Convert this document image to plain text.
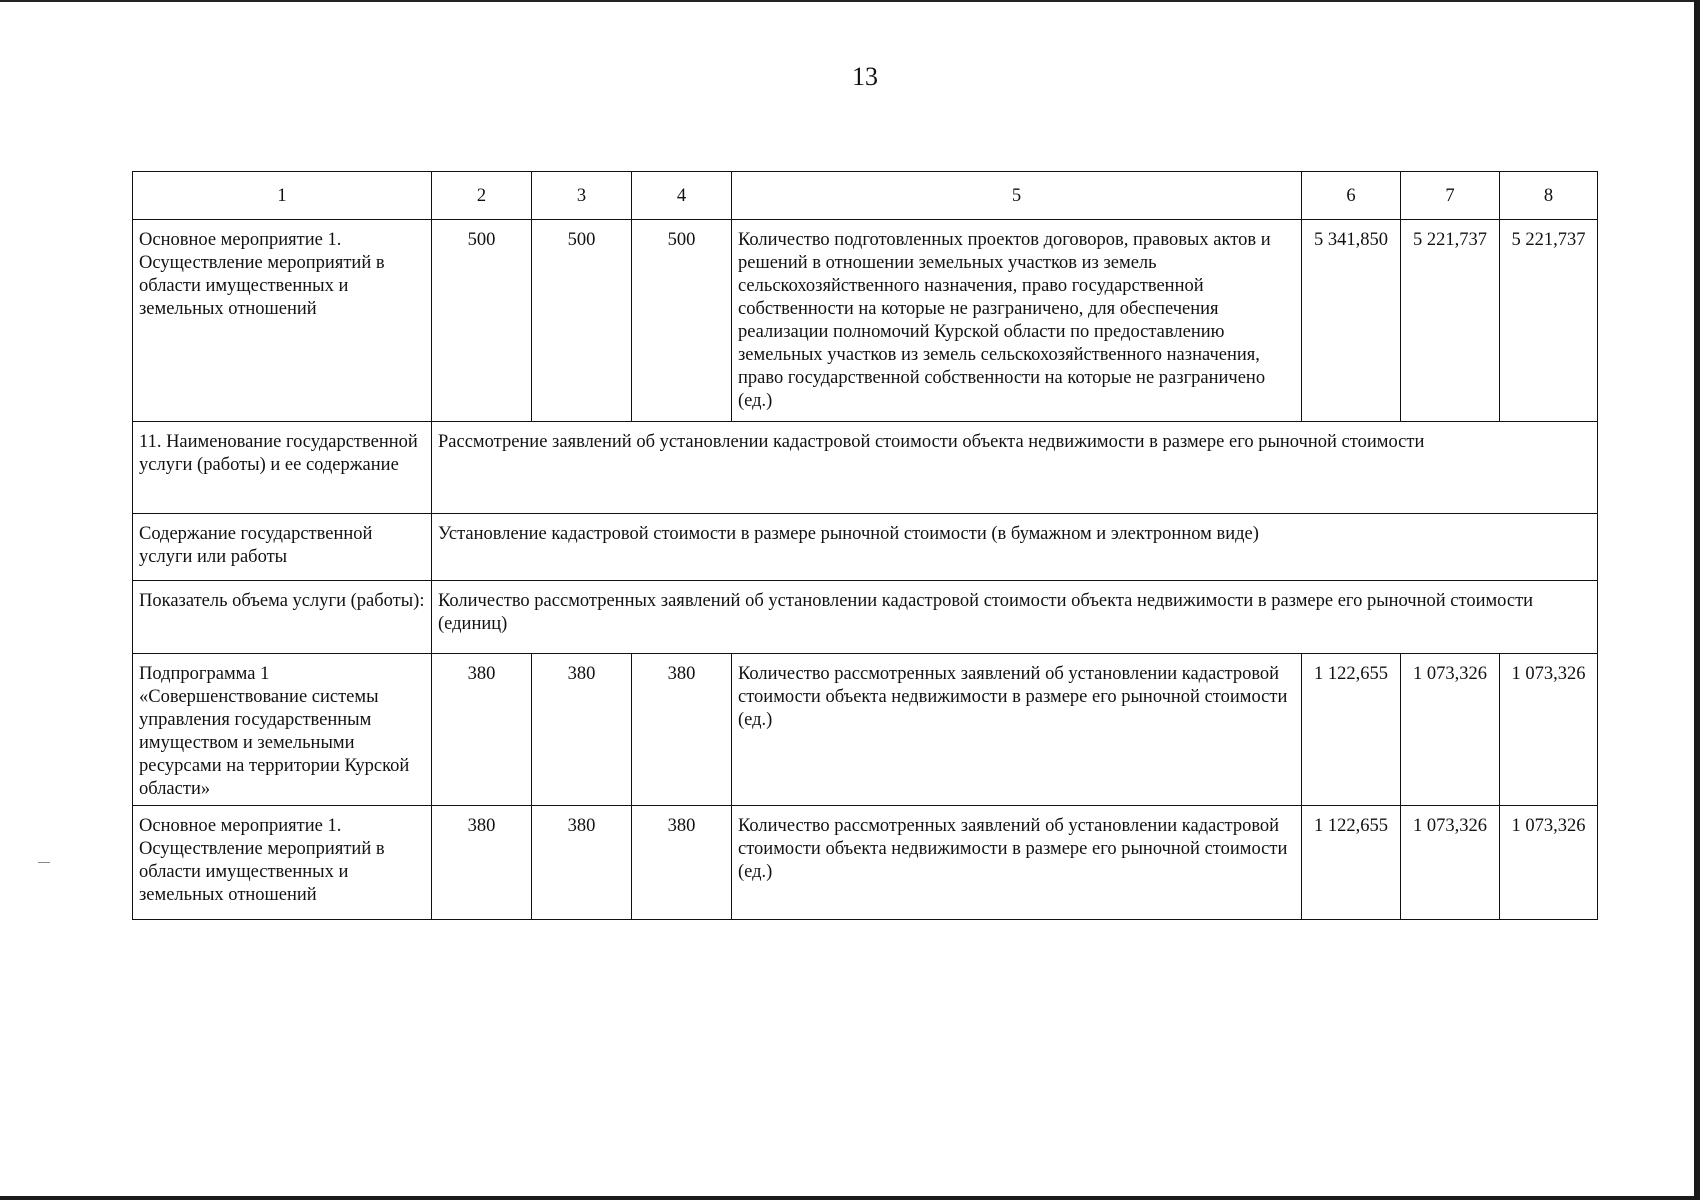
13
1	2	3	4	5	6	7	8
Основное мероприятие 1. Осуществление мероприятий в области имущественных и земельных отношений	500	500	500	Количество подготовленных проектов договоров, правовых актов и решений в отношении земельных участков из земель сельскохозяйственного назначения, право государственной собственности на которые не разграничено, для обеспечения реализации полномочий Курской области по предоставлению земельных участков из земель сельскохозяйственного назначения, право государственной собственности на которые не разграничено (ед.)	5 341,850	5 221,737	5 221,737
11. Наименование государственной услуги (работы) и ее содержание	Рассмотрение заявлений об установлении кадастровой стоимости объекта недвижимости в размере его рыночной стоимости						
Содержание государственной услуги или работы	Установление кадастровой стоимости в размере рыночной стоимости (в бумажном и электронном виде)						
Показатель объема услуги (работы):	Количество рассмотренных заявлений об установлении кадастровой стоимости объекта недвижимости в размере его рыночной стоимости (единиц)						
Подпрограмма 1 «Совершенствование системы управления государственным имуществом и земельными ресурсами на территории Курской области»	380	380	380	Количество рассмотренных заявлений об установлении кадастровой стоимости объекта недвижимости в размере его рыночной стоимости (ед.)	1 122,655	1 073,326	1 073,326
Основное мероприятие 1. Осуществление мероприятий в области имущественных и земельных отношений	380	380	380	Количество рассмотренных заявлений об установлении кадастровой стоимости объекта недвижимости в размере его рыночной стоимости (ед.)	1 122,655	1 073,326	1 073,326
